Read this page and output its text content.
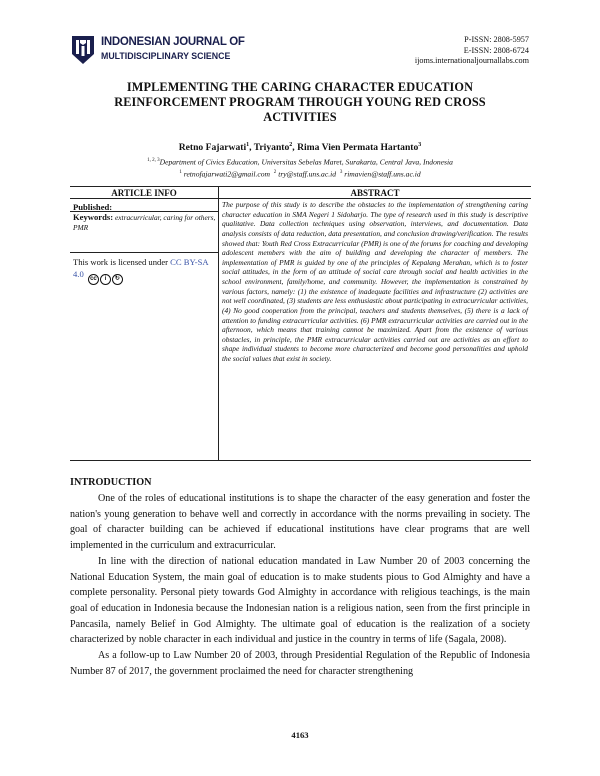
INDONESIAN JOURNAL OF
MULTIDISCIPLINARY SCIENCE
P-ISSN: 2808-5957
E-ISSN: 2808-6724
ijoms.internationaljournallabs.com
IMPLEMENTING THE CARING CHARACTER EDUCATION
REINFORCEMENT PROGRAM THROUGH YOUNG RED CROSS
ACTIVITIES
Retno Fajarwati$^1$, Triyanto$^2$, Rima Vien Permata Hartanto$^3$
$^{1, 2, 3}$Department of Civics Education, Universitas Sebelas Maret, Surakarta, Central Java, Indonesia
$^1$ retnofajarwati2@gmail.com $^2$ try@staff.uns.ac.id $^3$ rimavien@staff.uns.ac.id
ARTICLE INFO	ABSTRACT
Published:
Keywords: extracurricular, caring for others, PMR
This work is licensed under CC BY-SA 4.0	cc	i	↻
The purpose of this study is to describe the obstacles to the implementation of strengthening caring character education in SMA Negeri 1 Sidoharjo. The type of research used in this study is descriptive qualitative. Data collection techniques using observation, interviews, and documentation. Data analysis consists of data reduction, data presentation, and conclusion drawing/verification. The results showed that: Youth Red Cross Extracurricular (PMR) is one of the forums for coaching and developing adolescent members with the aim of building and developing the character of members. The implementation of PMR is guided by one of the principles of Kepalang Merahan, which is to foster social attitudes, in the form of an attitude of social care through social and health activities in the school environment, family/home, and community. However, the implementation is constrained by various factors, namely: (1) the existence of inadequate facilities and infrastructure (2) activities are not well coordinated, (3) students are less enthusiastic about participating in extracurricular activities, (4) No good cooperation from the principal, teachers and students themselves, (5) there is a lack of attention to funding extracurricular activities. (6) PMR extracurricular activities are carried out in the afternoon, which means that training cannot be maximized. Apart from the existence of various obstacles, in principle, the PMR extracurricular activities carried out are activities as an effort to shape individual students to become more characterized and become good personalities and uphold the social values that exist in society.
INTRODUCTION

One of the roles of educational institutions is to shape the character of the easy generation and foster the nation's young generation to behave well and correctly in accordance with the norms prevailing in society. The goal of character building can be achieved if educational institutions have clear programs that are well implemented in the curriculum and extracurricular.

In line with the direction of national education mandated in Law Number 20 of 2003 concerning the National Education System, the main goal of education is to make students pious to God Almighty and have a complete personality. Personal piety towards God Almighty in accordance with religious teachings, is the main goal of education in Indonesia because the Indonesian nation is a religious nation, seen from the first principle in Pancasila, namely Belief in God Almighty. The ultimate goal of education is the realization of a society characterized by noble character in each individual and justice in the country in terms of life (Sagala, 2008).

As a follow-up to Law Number 20 of 2003, through Presidential Regulation of the Republic of Indonesia Number 87 of 2017, the government proclaimed the need for character strengthening

4163
